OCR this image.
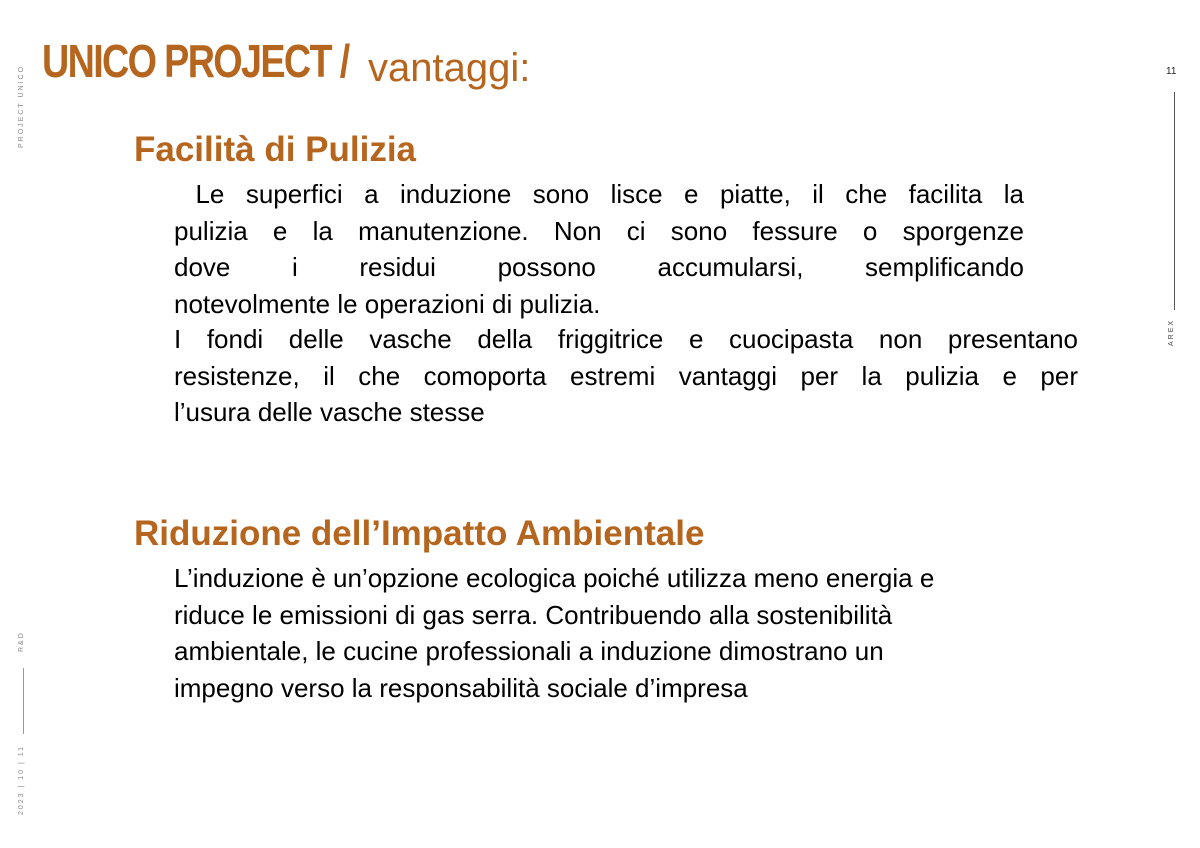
UNICO PROJECT / vantaggi:	11
AREX
PROJECT UNICO
R&D
2023 | 10 | 11
Facilità di Pulizia
Le superfici a induzione sono lisce e piatte, il che facilita la
pulizia e la manutenzione. Non ci sono fessure o sporgenze
dove i residui possono accumularsi, semplificando
notevolmente le operazioni di pulizia.
I fondi delle vasche della friggitrice e cuocipasta non presentano
resistenze, il che comoporta estremi vantaggi per la pulizia e per
l’usura delle vasche stesse
Riduzione dell’Impatto Ambientale
L’induzione è un’opzione ecologica poiché utilizza meno energia e
riduce le emissioni di gas serra. Contribuendo alla sostenibilità
ambientale, le cucine professionali a induzione dimostrano un
impegno verso la responsabilità sociale d’impresa
